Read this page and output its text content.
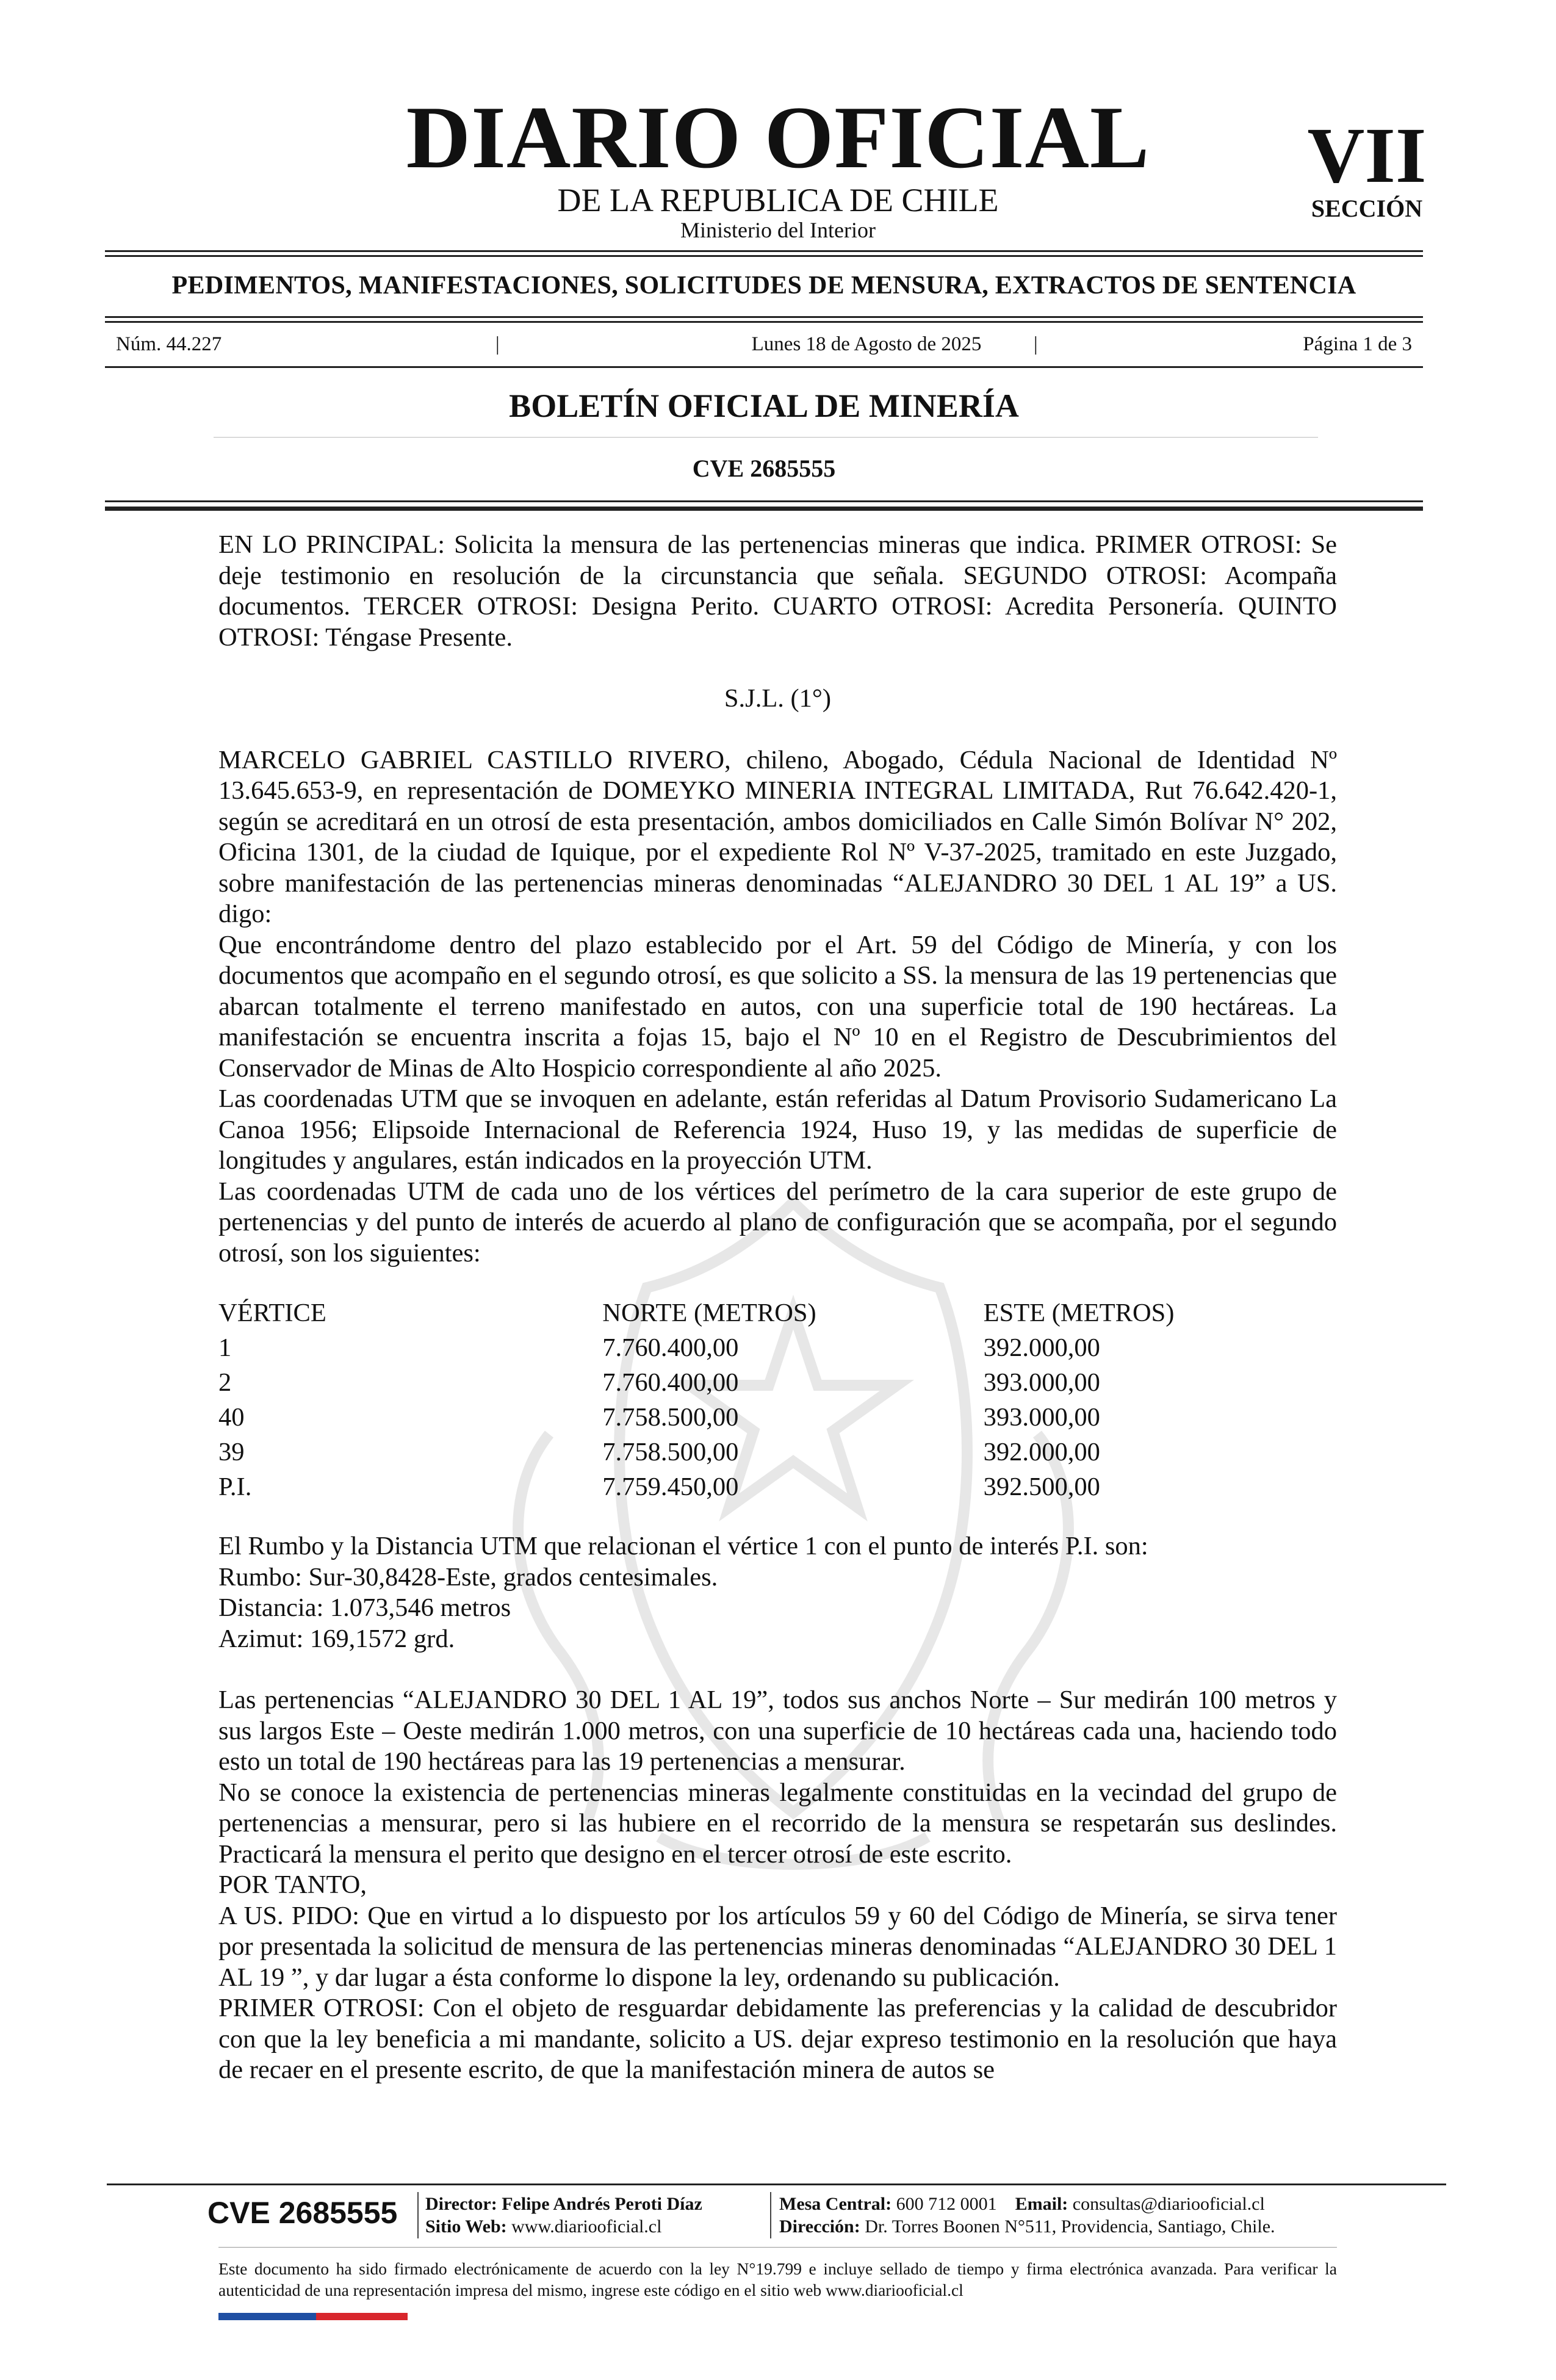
DIARIO OFICIAL
DE LA REPUBLICA DE CHILE
Ministerio del Interior
VII
SECCIÓN
PEDIMENTOS, MANIFESTACIONES, SOLICITUDES DE MENSURA, EXTRACTOS DE SENTENCIA
Núm. 44.227	|	Lunes 18 de Agosto de 2025	|	Página 1 de 3
BOLETÍN OFICIAL DE MINERÍA
CVE 2685555

EN LO PRINCIPAL: Solicita la mensura de las pertenencias mineras que indica. PRIMER OTROSI: Se deje testimonio en resolución de la circunstancia que señala. SEGUNDO OTROSI: Acompaña documentos. TERCER OTROSI: Designa Perito. CUARTO OTROSI: Acredita Personería. QUINTO OTROSI: Téngase Presente.

S.J.L. (1°)

MARCELO GABRIEL CASTILLO RIVERO, chileno, Abogado, Cédula Nacional de Identidad Nº 13.645.653-9, en representación de DOMEYKO MINERIA INTEGRAL LIMITADA, Rut 76.642.420-1, según se acreditará en un otrosí de esta presentación, ambos domiciliados en Calle Simón Bolívar N° 202, Oficina 1301, de la ciudad de Iquique, por el expediente Rol Nº V-37-2025, tramitado en este Juzgado, sobre manifestación de las pertenencias mineras denominadas “ALEJANDRO 30 DEL 1 AL 19” a US. digo:

Que encontrándome dentro del plazo establecido por el Art. 59 del Código de Minería, y con los documentos que acompaño en el segundo otrosí, es que solicito a SS. la mensura de las 19 pertenencias que abarcan totalmente el terreno manifestado en autos, con una superficie total de 190 hectáreas. La manifestación se encuentra inscrita a fojas 15, bajo el Nº 10 en el Registro de Descubrimientos del Conservador de Minas de Alto Hospicio correspondiente al año 2025.

Las coordenadas UTM que se invoquen en adelante, están referidas al Datum Provisorio Sudamericano La Canoa 1956; Elipsoide Internacional de Referencia 1924, Huso 19, y las medidas de superficie de longitudes y angulares, están indicados en la proyección UTM.

Las coordenadas UTM de cada uno de los vértices del perímetro de la cara superior de este grupo de pertenencias y del punto de interés de acuerdo al plano de configuración que se acompaña, por el segundo otrosí, son los siguientes:

VÉRTICE	NORTE (METROS)	ESTE (METROS)
1	7.760.400,00	392.000,00
2	7.760.400,00	393.000,00
40	7.758.500,00	393.000,00
39	7.758.500,00	392.000,00
P.I.	7.759.450,00	392.500,00

El Rumbo y la Distancia UTM que relacionan el vértice 1 con el punto de interés P.I. son:

Rumbo: Sur-30,8428-Este, grados centesimales.

Distancia: 1.073,546 metros

Azimut: 169,1572 grd.

Las pertenencias “ALEJANDRO 30 DEL 1 AL 19”, todos sus anchos Norte – Sur medirán 100 metros y sus largos Este – Oeste medirán 1.000 metros, con una superficie de 10 hectáreas cada una, haciendo todo esto un total de 190 hectáreas para las 19 pertenencias a mensurar.

No se conoce la existencia de pertenencias mineras legalmente constituidas en la vecindad del grupo de pertenencias a mensurar, pero si las hubiere en el recorrido de la mensura se respetarán sus deslindes. Practicará la mensura el perito que designo en el tercer otrosí de este escrito.

POR TANTO,

A US. PIDO: Que en virtud a lo dispuesto por los artículos 59 y 60 del Código de Minería, se sirva tener por presentada la solicitud de mensura de las pertenencias mineras denominadas “ALEJANDRO 30 DEL 1 AL 19 ”, y dar lugar a ésta conforme lo dispone la ley, ordenando su publicación.

PRIMER OTROSI: Con el objeto de resguardar debidamente las preferencias y la calidad de descubridor con que la ley beneficia a mi mandante, solicito a US. dejar expreso testimonio en la resolución que haya de recaer en el presente escrito, de que la manifestación minera de autos se

CVE 2685555 Director: Felipe Andrés Peroti Díaz
Sitio Web: www.diariooficial.cl
Mesa Central: 600 712 0001 Email: consultas@diariooficial.cl
Dirección: Dr. Torres Boonen N°511, Providencia, Santiago, Chile.
Este documento ha sido firmado electrónicamente de acuerdo con la ley N°19.799 e incluye sellado de tiempo y firma electrónica avanzada. Para verificar la autenticidad de una representación impresa del mismo, ingrese este código en el sitio web www.diariooficial.cl
